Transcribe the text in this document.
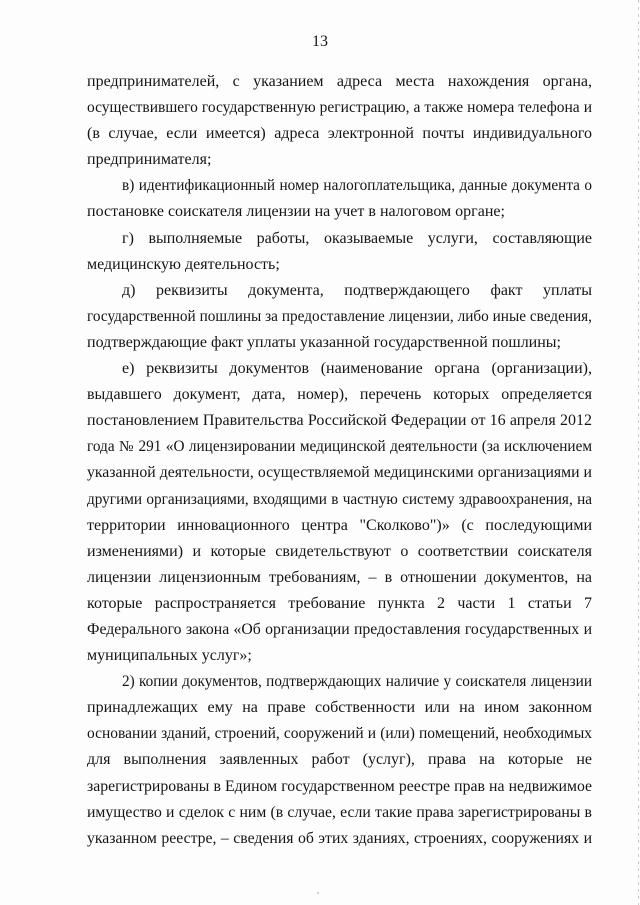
13
предпринимателей, с указанием адреса места нахождения органа,
осуществившего государственную регистрацию, а также номера телефона и
(в случае, если имеется) адреса электронной почты индивидуального
предпринимателя;
в) идентификационный номер налогоплательщика, данные документа о
постановке соискателя лицензии на учет в налоговом органе;
г) выполняемые работы, оказываемые услуги, составляющие
медицинскую деятельность;
д) реквизиты документа, подтверждающего факт уплаты
государственной пошлины за предоставление лицензии, либо иные сведения,
подтверждающие факт уплаты указанной государственной пошлины;
е) реквизиты документов (наименование органа (организации),
выдавшего документ, дата, номер), перечень которых определяется
постановлением Правительства Российской Федерации от 16 апреля 2012
года № 291 «О лицензировании медицинской деятельности (за исключением
указанной деятельности, осуществляемой медицинскими организациями и
другими организациями, входящими в частную систему здравоохранения, на
территории инновационного центра "Сколково")» (с последующими
изменениями) и которые свидетельствуют о соответствии соискателя
лицензии лицензионным требованиям, – в отношении документов, на
которые распространяется требование пункта 2 части 1 статьи 7
Федерального закона «Об организации предоставления государственных и
муниципальных услуг»;
2) копии документов, подтверждающих наличие у соискателя лицензии
принадлежащих ему на праве собственности или на ином законном
основании зданий, строений, сооружений и (или) помещений, необходимых
для выполнения заявленных работ (услуг), права на которые не
зарегистрированы в Едином государственном реестре прав на недвижимое
имущество и сделок с ним (в случае, если такие права зарегистрированы в
указанном реестре, – сведения об этих зданиях, строениях, сооружениях и
